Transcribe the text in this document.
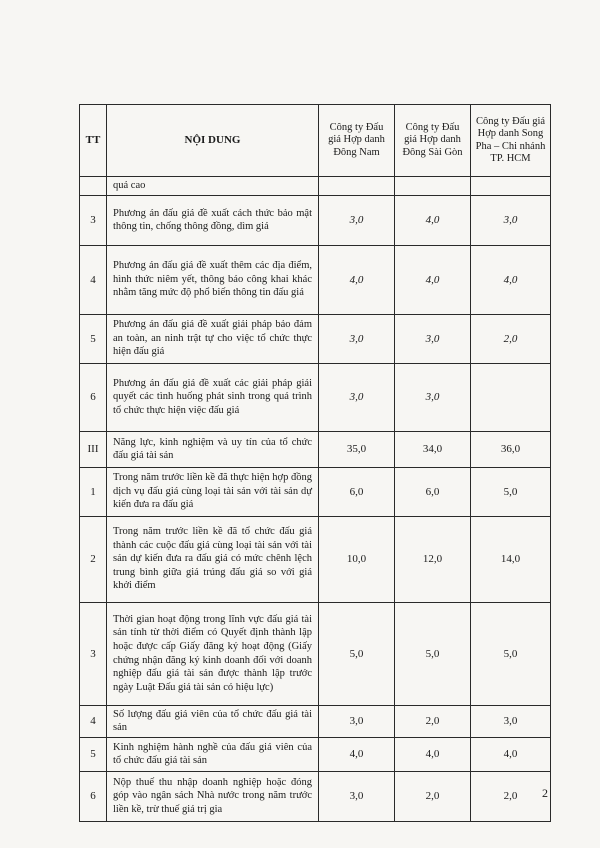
TT	NỘI DUNG	Công ty Đấu giá Hợp danh Đông Nam	Công ty Đấu giá Hợp danh Đông Sài Gòn	Công ty Đấu giá Hợp danh Song Pha – Chi nhánh TP. HCM
	quả cao			
3	Phương án đấu giá đề xuất cách thức bảo mật thông tin, chống thông đồng, dìm giá	3,0	4,0	3,0
4	Phương án đấu giá đề xuất thêm các địa điểm, hình thức niêm yết, thông báo công khai khác nhằm tăng mức độ phổ biến thông tin đấu giá	4,0	4,0	4,0
5	Phương án đấu giá đề xuất giải pháp bảo đảm an toàn, an ninh trật tự cho việc tổ chức thực hiện đấu giá	3,0	3,0	2,0
6	Phương án đấu giá đề xuất các giải pháp giải quyết các tình huống phát sinh trong quá trình tổ chức thực hiện việc đấu giá	3,0	3,0	
III	Năng lực, kinh nghiệm và uy tín của tổ chức đấu giá tài sản	35,0	34,0	36,0
1	Trong năm trước liền kề đã thực hiện hợp đồng dịch vụ đấu giá cùng loại tài sản với tài sản dự kiến đưa ra đấu giá	6,0	6,0	5,0
2	Trong năm trước liền kề đã tổ chức đấu giá thành các cuộc đấu giá cùng loại tài sản với tài sản dự kiến đưa ra đấu giá có mức chênh lệch trung bình giữa giá trúng đấu giá so với giá khởi điểm	10,0	12,0	14,0
3	Thời gian hoạt động trong lĩnh vực đấu giá tài sản tính từ thời điểm có Quyết định thành lập hoặc được cấp Giấy đăng ký hoạt động (Giấy chứng nhận đăng ký kinh doanh đối với doanh nghiệp đấu giá tài sản được thành lập trước ngày Luật Đấu giá tài sản có hiệu lực)	5,0	5,0	5,0
4	Số lượng đấu giá viên của tổ chức đấu giá tài sản	3,0	2,0	3,0
5	Kinh nghiệm hành nghề của đấu giá viên của tổ chức đấu giá tài sản	4,0	4,0	4,0
6	Nộp thuế thu nhập doanh nghiệp hoặc đóng góp vào ngân sách Nhà nước trong năm trước liền kề, trừ thuế giá trị gia	3,0	2,0	2,0 2
